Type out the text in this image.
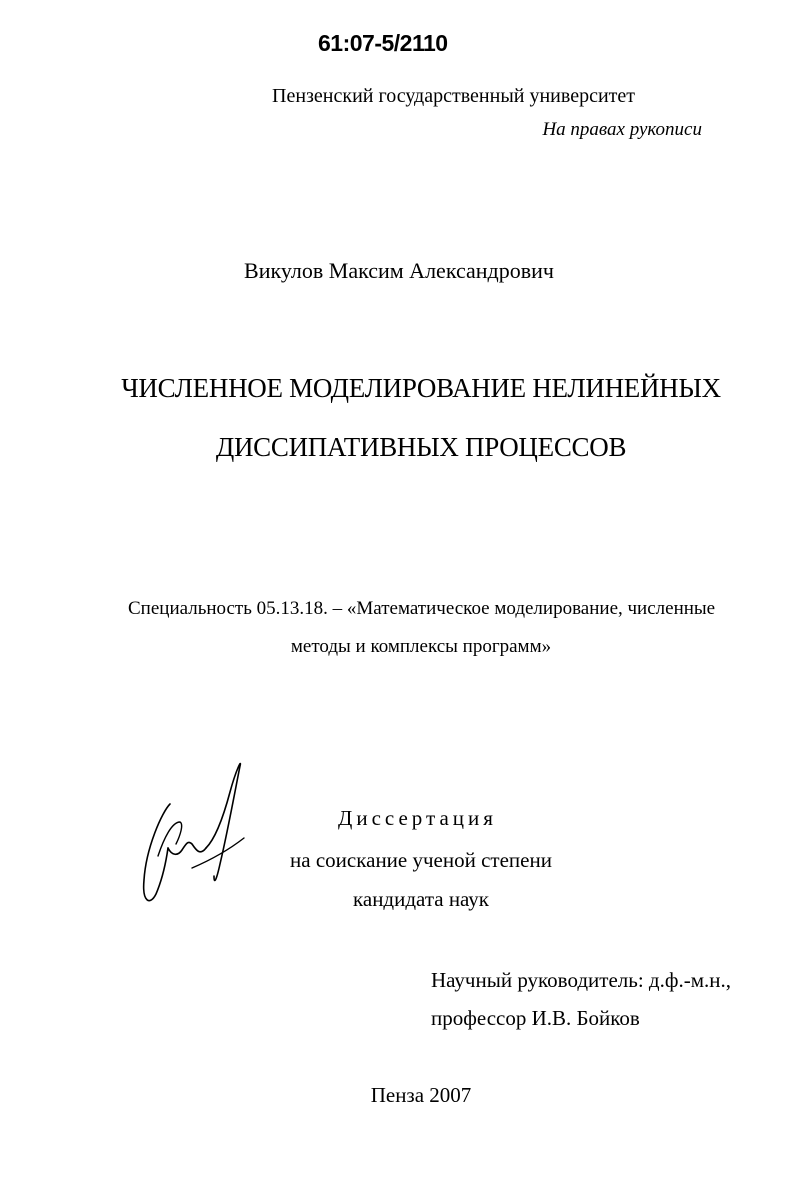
61:07-5/2110
Пензенский государственный университет
На правах рукописи
Викулов Максим Александрович
ЧИСЛЕННОЕ МОДЕЛИРОВАНИЕ НЕЛИНЕЙНЫХ
ДИССИПАТИВНЫХ ПРОЦЕССОВ
Специальность 05.13.18. – «Математическое моделирование, численные
методы и комплексы программ»
Диссертация
на соискание ученой степени
кандидата наук
Научный руководитель: д.ф.-м.н.,
профессор И.В. Бойков
Пенза 2007
